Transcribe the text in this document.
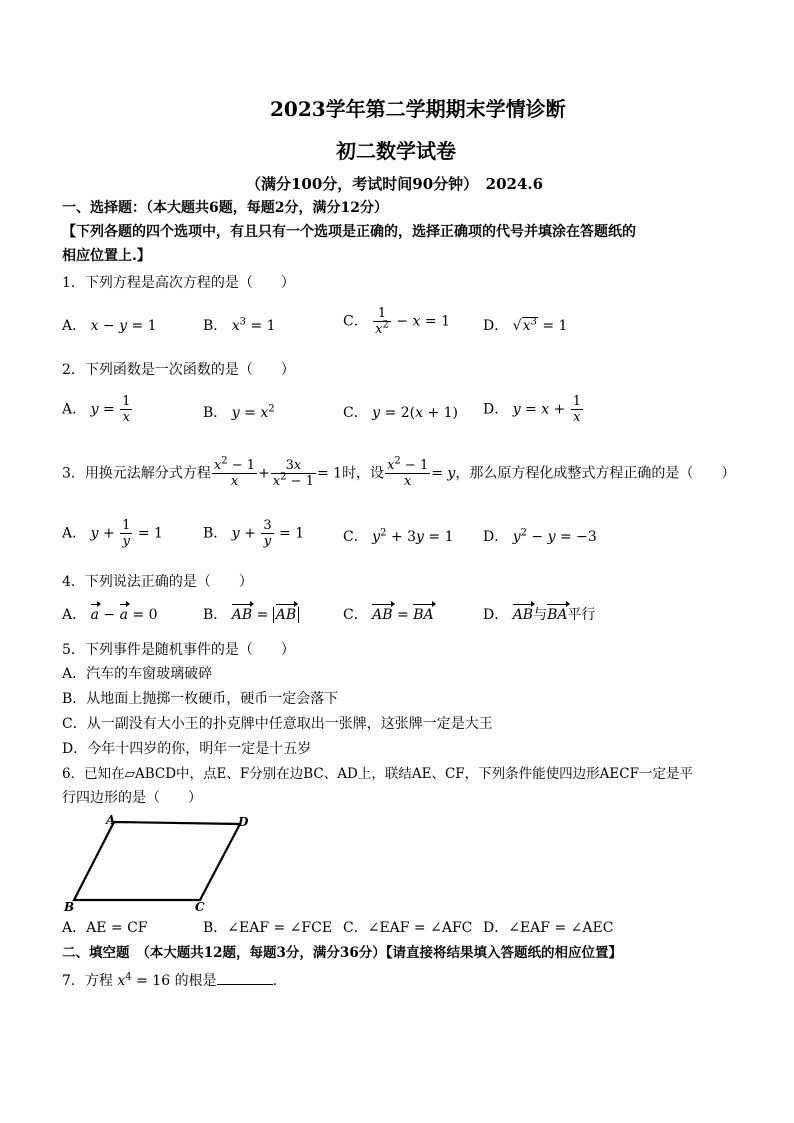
2023学年第二学期期末学情诊断
初二数学试卷
（满分100分，考试时间90分钟）　2024.6
一、选择题：（本大题共6题，每题2分，满分12分）
【下列各题的四个选项中，有且只有一个选项是正确的，选择正确项的代号并填涂在答题纸的
相应位置上.】
1．下列方程是高次方程的是（　　）
A． x − y = 1	B． $x^3 = 1$	C． $\frac{1}{x^2} - x = 1$ D． $√x^3 = 1$
2．下列函数是一次函数的是（　　）
A． $y = \frac{1}{x}$	B． $y = x^2$	C． y = 2(x + 1) D． $y = x + \frac{1}{x}$
3．用换元法解分式方程 $\frac{x^2 - 1}{x} + \frac{3x}{x^2 - 1} = 1$时，设 $\frac{x^2 - 1}{x} = y$，那么原方程化成整式方程正确的是（　　）
A． $y + \frac{1}{y} = 1$	B． $y + \frac{3}{y} = 1$	C． $y^2 + 3y = 1$ D． $y^2 - y = -3$
4．下列说法正确的是（　　）
A． a − a = 0	B． AB = AB	C． AB = BA	D． AB与BA平行
5．下列事件是随机事件的是（　　）
A．汽车的车窗玻璃破碎
B．从地面上抛掷一枚硬币，硬币一定会落下
C．从一副没有大小王的扑克牌中任意取出一张牌，这张牌一定是大王
D．今年十四岁的你，明年一定是十五岁
6．已知在▱ABCD中，点E、F分别在边BC、AD上，联结AE、CF，下列条件能使四边形AECF一定是平
行四边形的是（　　）
A	D
B	C
A．AE = CF	B．∠EAF = ∠FCE C．∠EAF = ∠AFC D．∠EAF = ∠AEC
二、填空题　（本大题共12题，每题3分，满分36分）【请直接将结果填入答题纸的相应位置】
7．方程 $x^4 = 16$ 的根是	.
